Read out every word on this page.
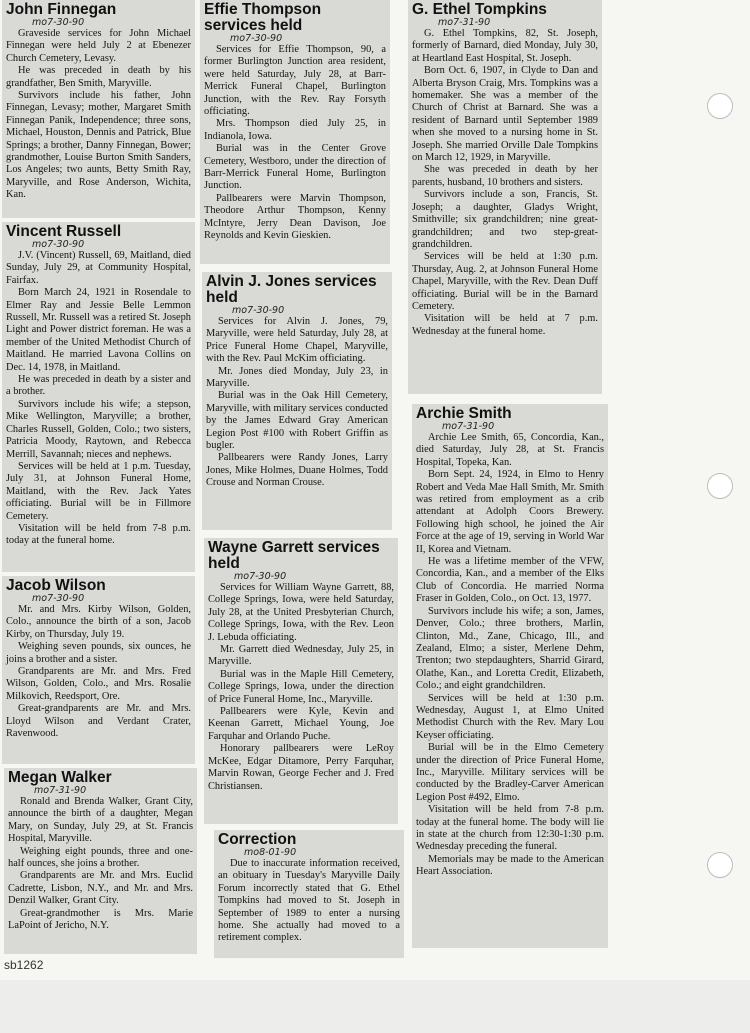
John Finnegan
mo7-30-90

Graveside services for John Michael Finnegan were held July 2 at Ebenezer Church Cemetery, Levasy.

He was preceded in death by his grandfather, Ben Smith, Maryville.

Survivors include his father, John Finnegan, Levasy; mother, Margaret Smith Finnegan Panik, Independence; three sons, Michael, Houston, Dennis and Patrick, Blue Springs; a brother, Danny Finnegan, Bower; grandmother, Louise Burton Smith Sanders, Los Angeles; two aunts, Betty Smith Ray, Maryville, and Rose Anderson, Wichita, Kan.

Vincent Russell
mo7-30-90

J.V. (Vincent) Russell, 69, Maitland, died Sunday, July 29, at Community Hospital, Fairfax.

Born March 24, 1921 in Rosendale to Elmer Ray and Jessie Belle Lemmon Russell, Mr. Russell was a retired St. Joseph Light and Power district foreman. He was a member of the United Methodist Church of Maitland. He married Lavona Collins on Dec. 14, 1978, in Maitland.

He was preceded in death by a sister and a brother.

Survivors include his wife; a stepson, Mike Wellington, Maryville; a brother, Charles Russell, Golden, Colo.; two sisters, Patricia Moody, Raytown, and Rebecca Merrill, Savannah; nieces and nephews.

Services will be held at 1 p.m. Tuesday, July 31, at Johnson Funeral Home, Maitland, with the Rev. Jack Yates officiating. Burial will be in Fillmore Cemetery.

Visitation will be held from 7-8 p.m. today at the funeral home.

Jacob Wilson
mo7-30-90

Mr. and Mrs. Kirby Wilson, Golden, Colo., announce the birth of a son, Jacob Kirby, on Thursday, July 19.

Weighing seven pounds, six ounces, he joins a brother and a sister.

Grandparents are Mr. and Mrs. Fred Wilson, Golden, Colo., and Mrs. Rosalie Milkovich, Reedsport, Ore.

Great-grandparents are Mr. and Mrs. Lloyd Wilson and Verdant Crater, Ravenwood.

Megan Walker
mo7-31-90

Ronald and Brenda Walker, Grant City, announce the birth of a daughter, Megan Mary, on Sunday, July 29, at St. Francis Hospital, Maryville.

Weighing eight pounds, three and one-half ounces, she joins a brother.

Grandparents are Mr. and Mrs. Euclid Cadrette, Lisbon, N.Y., and Mr. and Mrs. Denzil Walker, Grant City.

Great-grandmother is Mrs. Marie LaPoint of Jericho, N.Y.

Effie Thompson services held
mo7-30-90

Services for Effie Thompson, 90, a former Burlington Junction area resident, were held Saturday, July 28, at Barr-Merrick Funeral Chapel, Burlington Junction, with the Rev. Ray Forsyth officiating.

Mrs. Thompson died July 25, in Indianola, Iowa.

Burial was in the Center Grove Cemetery, Westboro, under the direction of Barr-Merrick Funeral Home, Burlington Junction.

Pallbearers were Marvin Thompson, Theodore Arthur Thompson, Kenny McIntyre, Jerry Dean Davison, Joe Reynolds and Kevin Gieskien.

Alvin J. Jones services held
mo7-30-90

Services for Alvin J. Jones, 79, Maryville, were held Saturday, July 28, at Price Funeral Home Chapel, Maryville, with the Rev. Paul McKim officiating.

Mr. Jones died Monday, July 23, in Maryville.

Burial was in the Oak Hill Cemetery, Maryville, with military services conducted by the James Edward Gray American Legion Post #100 with Robert Griffin as bugler.

Pallbearers were Randy Jones, Larry Jones, Mike Holmes, Duane Holmes, Todd Crouse and Norman Crouse.

Wayne Garrett services held
mo7-30-90

Services for William Wayne Garrett, 88, College Springs, Iowa, were held Saturday, July 28, at the United Presbyterian Church, College Springs, Iowa, with the Rev. Leon J. Lebuda officiating.

Mr. Garrett died Wednesday, July 25, in Maryville.

Burial was in the Maple Hill Cemetery, College Springs, Iowa, under the direction of Price Funeral Home, Inc., Maryville.

Pallbearers were Kyle, Kevin and Keenan Garrett, Michael Young, Joe Farquhar and Orlando Puche.

Honorary pallbearers were LeRoy McKee, Edgar Ditamore, Perry Farquhar, Marvin Rowan, George Fecher and J. Fred Christiansen.

Correction
mo8-01-90

Due to inaccurate information received, an obituary in Tuesday's Maryville Daily Forum incorrectly stated that G. Ethel Tompkins had moved to St. Joseph in September of 1989 to enter a nursing home. She actually had moved to a retirement complex.

G. Ethel Tompkins
mo7-31-90

G. Ethel Tompkins, 82, St. Joseph, formerly of Barnard, died Monday, July 30, at Heartland East Hospital, St. Joseph.

Born Oct. 6, 1907, in Clyde to Dan and Alberta Bryson Craig, Mrs. Tompkins was a homemaker. She was a member of the Church of Christ at Barnard. She was a resident of Barnard until September 1989 when she moved to a nursing home in St. Joseph. She married Orville Dale Tompkins on March 12, 1929, in Maryville.

She was preceded in death by her parents, husband, 10 brothers and sisters.

Survivors include a son, Francis, St. Joseph; a daughter, Gladys Wright, Smithville; six grandchildren; nine great-grandchildren; and two step-great-grandchildren.

Services will be held at 1:30 p.m. Thursday, Aug. 2, at Johnson Funeral Home Chapel, Maryville, with the Rev. Dean Duff officiating. Burial will be in the Barnard Cemetery.

Visitation will be held at 7 p.m. Wednesday at the funeral home.

Archie Smith
mo7-31-90

Archie Lee Smith, 65, Concordia, Kan., died Saturday, July 28, at St. Francis Hospital, Topeka, Kan.

Born Sept. 24, 1924, in Elmo to Henry Robert and Veda Mae Hall Smith, Mr. Smith was retired from employment as a crib attendant at Adolph Coors Brewery. Following high school, he joined the Air Force at the age of 19, serving in World War II, Korea and Vietnam.

He was a lifetime member of the VFW, Concordia, Kan., and a member of the Elks Club of Concordia. He married Norma Fraser in Golden, Colo., on Oct. 13, 1977.

Survivors include his wife; a son, James, Denver, Colo.; three brothers, Marlin, Clinton, Md., Zane, Chicago, Ill., and Zealand, Elmo; a sister, Merlene Dehm, Trenton; two stepdaughters, Sharrid Girard, Olathe, Kan., and Loretta Credit, Elizabeth, Colo.; and eight grandchildren.

Services will be held at 1:30 p.m. Wednesday, August 1, at Elmo United Methodist Church with the Rev. Mary Lou Keyser officiating.

Burial will be in the Elmo Cemetery under the direction of Price Funeral Home, Inc., Maryville. Military services will be conducted by the Bradley-Carver American Legion Post #492, Elmo.

Visitation will be held from 7-8 p.m. today at the funeral home. The body will lie in state at the church from 12:30-1:30 p.m. Wednesday preceding the funeral.

Memorials may be made to the American Heart Association.

sb1262
